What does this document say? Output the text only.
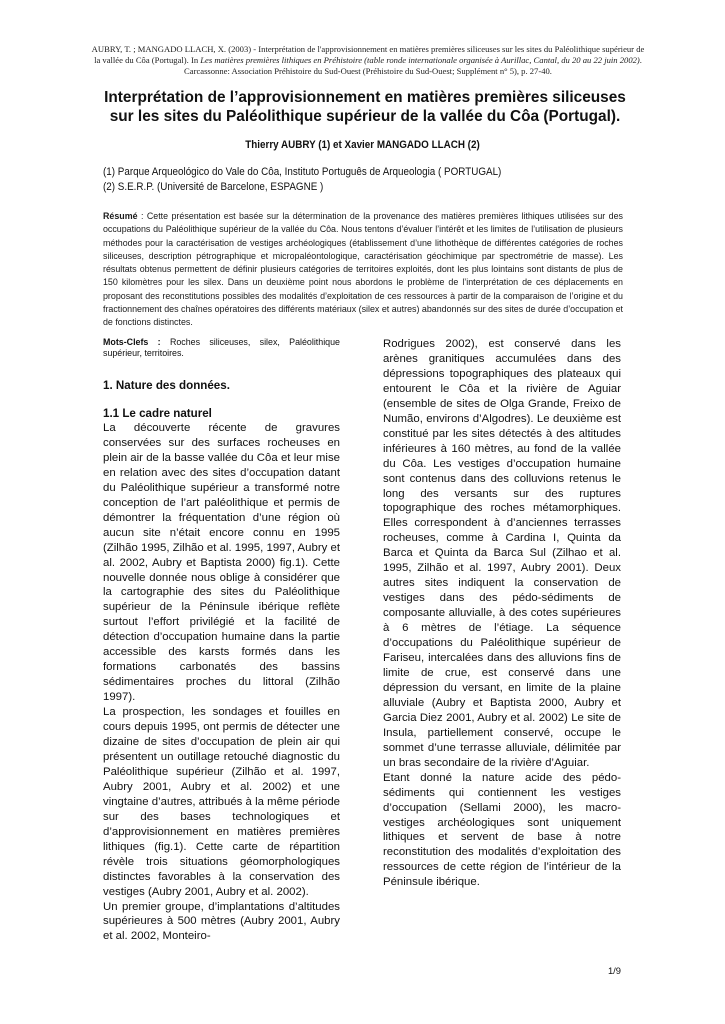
AUBRY, T. ; MANGADO LLACH, X. (2003) - Interprétation de l'approvisionnement en matières premières siliceuses sur les sites du Paléolithique supérieur de la vallée du Côa (Portugal). In Les matières premières lithiques en Préhistoire (table ronde internationale organisée à Aurillac, Cantal, du 20 au 22 juin 2002). Carcassonne: Association Préhistoire du Sud-Ouest (Préhistoire du Sud-Ouest; Supplément n° 5), p. 27-40.
Interprétation de l’approvisionnement en matières premières siliceuses sur les sites du Paléolithique supérieur de la vallée du Côa (Portugal).

Thierry AUBRY (1) et Xavier MANGADO LLACH (2)

(1) Parque Arqueológico do Vale do Côa, Instituto Português de Arqueologia ( PORTUGAL)
(2) S.E.R.P. (Université de Barcelone, ESPAGNE )

Résumé : Cette présentation est basée sur la détermination de la provenance des matières premières lithiques utilisées sur des occupations du Paléolithique supérieur de la vallée du Côa. Nous tentons d’évaluer l’intérêt et les limites de l’utilisation de plusieurs méthodes pour la caractérisation de vestiges archéologiques (établissement d’une lithothèque de différentes catégories de roches siliceuses, description pétrographique et micropaléontologique, caractérisation géochimique par spectrométrie de masse). Les résultats obtenus permettent de définir plusieurs catégories de territoires exploités, dont les plus lointains sont distants de plus de 150 kilomètres pour les silex. Dans un deuxième point nous abordons le problème de l’interprétation de ces déplacements en proposant des reconstitutions possibles des modalités d’exploitation de ces ressources à partir de la comparaison de l’origine et du fractionnement des chaînes opératoires des différents matériaux (silex et autres) abandonnés sur des sites de durée d’occupation et de fonctions distinctes.

Mots-Clefs : Roches siliceuses, silex, Paléolithique supérieur, territoires.

1. Nature des données.

1.1 Le cadre naturel

La découverte récente de gravures conservées sur des surfaces rocheuses en plein air de la basse vallée du Côa et leur mise en relation avec des sites d’occupation datant du Paléolithique supérieur a transformé notre conception de l’art paléolithique et permis de démontrer la fréquentation d’une région où aucun site n’était encore connu en 1995 (Zilhão 1995, Zilhão et al. 1995, 1997, Aubry et al. 2002, Aubry et Baptista 2000) fig.1). Cette nouvelle donnée nous oblige à considérer que la cartographie des sites du Paléolithique supérieur de la Péninsule ibérique reflète surtout l’effort privilégié et la facilité de détection d’occupation humaine dans la partie accessible des karsts formés dans les formations carbonatés des bassins sédimentaires proches du littoral (Zilhão 1997).

La prospection, les sondages et fouilles en cours depuis 1995, ont permis de détecter une dizaine de sites d’occupation de plein air qui présentent un outillage retouché diagnostic du Paléolithique supérieur (Zilhão et al. 1997, Aubry 2001, Aubry et al. 2002) et une vingtaine d’autres, attribués à la même période sur des bases technologiques et d’approvisionnement en matières premières lithiques (fig.1). Cette carte de répartition révèle trois situations géomorphologiques distinctes favorables à la conservation des vestiges (Aubry 2001, Aubry et al. 2002).

Un premier groupe, d’implantations d’altitudes supérieures à 500 mètres (Aubry 2001, Aubry et al. 2002, Monteiro-

Rodrigues 2002), est conservé dans les arènes granitiques accumulées dans des dépressions topographiques des plateaux qui entourent le Côa et la rivière de Aguiar (ensemble de sites de Olga Grande, Freixo de Numão, environs d’Algodres). Le deuxième est constitué par les sites détectés à des altitudes inférieures à 160 mètres, au fond de la vallée du Côa. Les vestiges d’occupation humaine sont contenus dans des colluvions retenus le long des versants sur des ruptures topographique des roches métamorphiques. Elles correspondent à d’anciennes terrasses rocheuses, comme à Cardina I, Quinta da Barca et Quinta da Barca Sul (Zilhao et al. 1995, Zilhão et al. 1997, Aubry 2001). Deux autres sites indiquent la conservation de vestiges dans des pédo-sédiments de composante alluvialle, à des cotes supérieures à 6 mètres de l’étiage. La séquence d’occupations du Paléolithique supérieur de Fariseu, intercalées dans des alluvions fins de limite de crue, est conservé dans une dépression du versant, en limite de la plaine alluviale (Aubry et Baptista 2000, Aubry et Garcia Diez 2001, Aubry et al. 2002) Le site de Insula, partiellement conservé, occupe le sommet d’une terrasse alluviale, délimitée par un bras secondaire de la rivière d’Aguiar.

Etant donné la nature acide des pédo-sédiments qui contiennent les vestiges d’occupation (Sellami 2000), les macro-vestiges archéologiques sont uniquement lithiques et servent de base à notre reconstitution des modalités d’exploitation des ressources de cette région de l’intérieur de la Péninsule ibérique.

1/9
